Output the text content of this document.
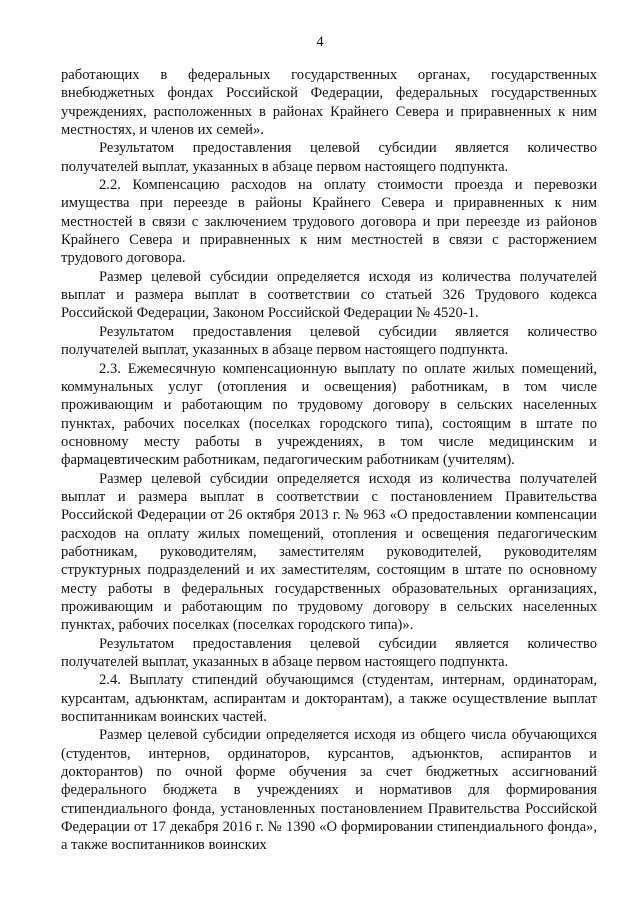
4

работающих в федеральных государственных органах, государственных внебюджетных фондах Российской Федерации, федеральных государственных учреждениях, расположенных в районах Крайнего Севера и приравненных к ним местностях, и членов их семей».

Результатом предоставления целевой субсидии является количество получателей выплат, указанных в абзаце первом настоящего подпункта.

2.2. Компенсацию расходов на оплату стоимости проезда и перевозки имущества при переезде в районы Крайнего Севера и приравненных к ним местностей в связи с заключением трудового договора и при переезде из районов Крайнего Севера и приравненных к ним местностей в связи с расторжением трудового договора.

Размер целевой субсидии определяется исходя из количества получателей выплат и размера выплат в соответствии со статьей 326 Трудового кодекса Российской Федерации, Законом Российской Федерации № 4520-1.

Результатом предоставления целевой субсидии является количество получателей выплат, указанных в абзаце первом настоящего подпункта.

2.3. Ежемесячную компенсационную выплату по оплате жилых помещений, коммунальных услуг (отопления и освещения) работникам, в том числе проживающим и работающим по трудовому договору в сельских населенных пунктах, рабочих поселках (поселках городского типа), состоящим в штате по основному месту работы в учреждениях, в том числе медицинским и фармацевтическим работникам, педагогическим работникам (учителям).

Размер целевой субсидии определяется исходя из количества получателей выплат и размера выплат в соответствии с постановлением Правительства Российской Федерации от 26 октября 2013 г. № 963 «О предоставлении компенсации расходов на оплату жилых помещений, отопления и освещения педагогическим работникам, руководителям, заместителям руководителей, руководителям структурных подразделений и их заместителям, состоящим в штате по основному месту работы в федеральных государственных образовательных организациях, проживающим и работающим по трудовому договору в сельских населенных пунктах, рабочих поселках (поселках городского типа)».

Результатом предоставления целевой субсидии является количество получателей выплат, указанных в абзаце первом настоящего подпункта.

2.4. Выплату стипендий обучающимся (студентам, интернам, ординаторам, курсантам, адъюнктам, аспирантам и докторантам), а также осуществление выплат воспитанникам воинских частей.

Размер целевой субсидии определяется исходя из общего числа обучающихся (студентов, интернов, ординаторов, курсантов, адъюнктов, аспирантов и докторантов) по очной форме обучения за счет бюджетных ассигнований федерального бюджета в учреждениях и нормативов для формирования стипендиального фонда, установленных постановлением Правительства Российской Федерации от 17 декабря 2016 г. № 1390 «О формировании стипендиального фонда», а также воспитанников воинских
